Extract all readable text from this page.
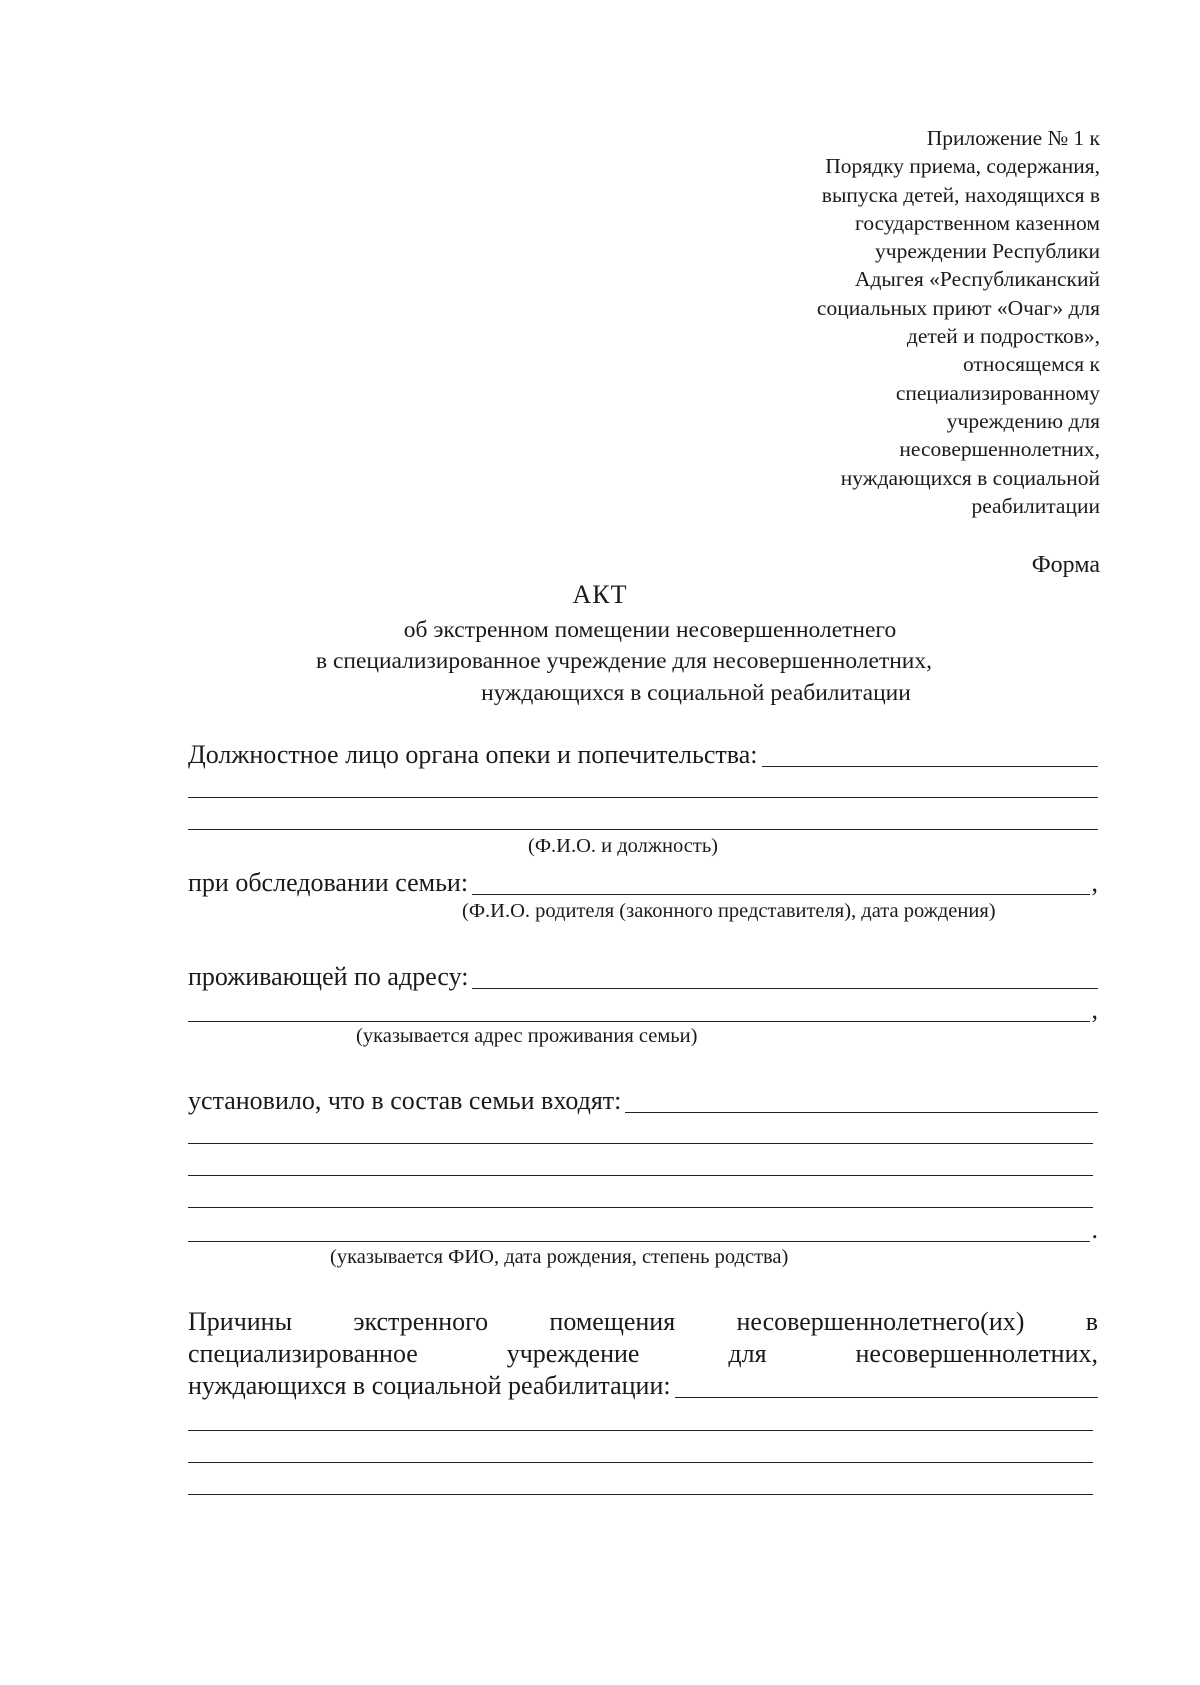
Приложение № 1 к
Порядку приема, содержания,
выпуска детей, находящихся в
государственном казенном
учреждении Республики
Адыгея «Республиканский
социальных приют «Очаг» для
детей и подростков»,
относящемся к
специализированному
учреждению для
несовершеннолетних,
нуждающихся в социальной
реабилитации
Форма
АКТ
об экстренном помещении несовершеннолетнего
в специализированное учреждение для несовершеннолетних,
нуждающихся в социальной реабилитации
Должностное лицо органа опеки и попечительства:
(Ф.И.О. и должность)
при обследовании семьи:	,
(Ф.И.О. родителя (законного представителя), дата рождения)
проживающей по адресу:
,
(указывается адрес проживания семьи)
установило, что в состав семьи входят:
.
(указывается ФИО, дата рождения, степень родства)
Причины экстренного помещения несовершеннолетнего(их) в
специализированное	учреждение	для	несовершеннолетних,
нуждающихся в социальной реабилитации:
